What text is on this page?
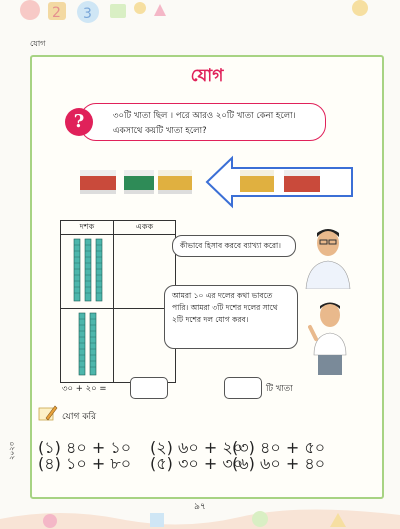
2 3
যোগ
যোগ
?	৩০টি খাতা ছিল । পরে আরও ২০টি খাতা কেনা হলো।
একসাথে কয়টি খাতা হলো?
দশক	একক

কীভাবে হিসাব করবে ব্যাখ্যা করো।
আমরা ১০ এর দলের কথা ভাবতে পারি। আমরা ৩টি দশের দলের সাথে ২টি দশের দল যোগ করব।
৩০ + ২০ =	টি খাতা
যোগ করি
(১) ৪০ + ১০ (২) ৬০ + ২০
(৩) ৪০ + ৫০
(৪) ১০ + ৮০ (৫) ৩০ + ৩০
(৬) ৬০ + ৪০
২০২৩
৯৭
